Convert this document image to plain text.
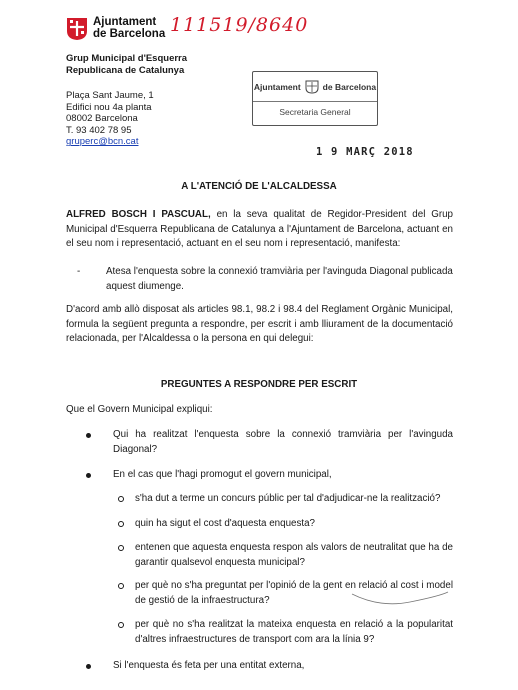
Ajuntament
de Barcelona 111519/8640
Grup Municipal d'Esquerra
Republicana de Catalunya
Plaça Sant Jaume, 1
Edifici nou 4a planta
08002 Barcelona
T. 93 402 78 95
gruperc@bcn.cat
Ajuntament	de Barcelona
Secretaria General
1 9 MARÇ 2018
A L'ATENCIÓ DE L'ALCALDESSA
ALFRED BOSCH I PASCUAL, en la seva qualitat de Regidor-President del Grup Municipal d'Esquerra Republicana de Catalunya a l'Ajuntament de Barcelona, actuant en el seu nom i representació, actuant en el seu nom i representació, manifesta:
-	Atesa l'enquesta sobre la connexió tramviària per l'avinguda Diagonal publicada aquest diumenge.
D'acord amb allò disposat als articles 98.1, 98.2 i 98.4 del Reglament Orgànic Municipal, formula la següent pregunta a respondre, per escrit i amb lliurament de la documentació relacionada, per l'Alcaldessa o la persona en qui delegui:
PREGUNTES A RESPONDRE PER ESCRIT
Que el Govern Municipal expliqui:
Qui ha realitzat l'enquesta sobre la connexió tramviària per l'avinguda Diagonal?
En el cas que l'hagi promogut el govern municipal,
s'ha dut a terme un concurs públic per tal d'adjudicar-ne la realització?
quin ha sigut el cost d'aquesta enquesta?
entenen que aquesta enquesta respon als valors de neutralitat que ha de garantir qualsevol enquesta municipal?
per què no s'ha preguntat per l'opinió de la gent en relació al cost i model de gestió de la infraestructura?
per què no s'ha realitzat la mateixa enquesta en relació a la popularitat d'altres infraestructures de transport com ara la línia 9?
Si l'enquesta és feta per una entitat externa,
